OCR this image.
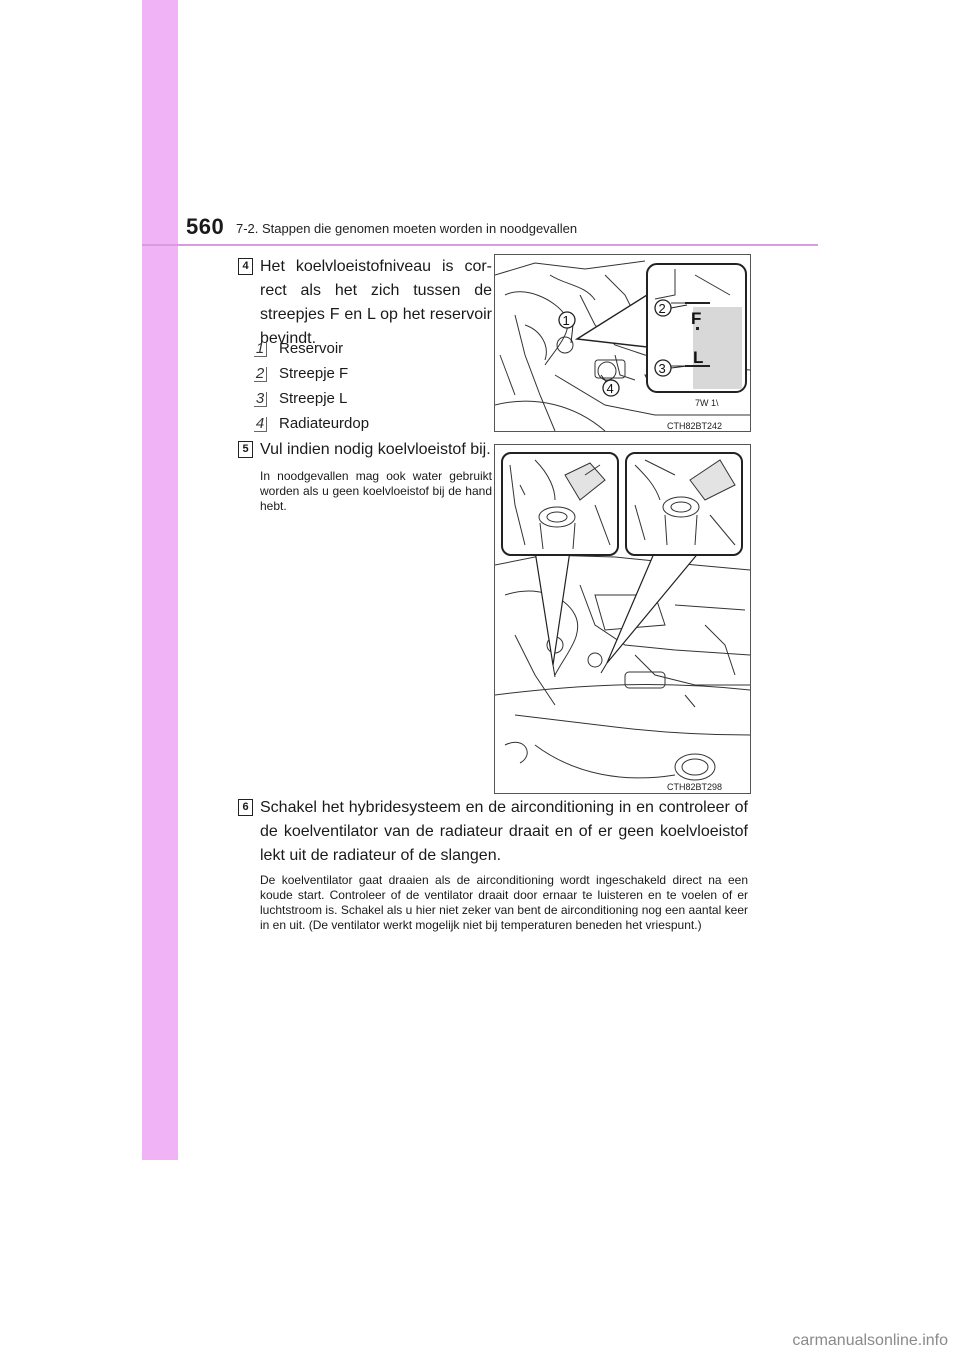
560 7-2. Stappen die genomen moeten worden in noodgevallen
4 Het koelvloeistofniveau is correct als het zich tussen de streepjes F en L op het reservoir bevindt.
1 Reservoir
2 Streepje F
3 Streepje L
4 Radiateurdop
F
L
2
3
1
4
7W 1\
CTH82BT242
5 Vul indien nodig koelvloeistof bij.
In noodgevallen mag ook water gebruikt worden als u geen koelvloeistof bij de hand hebt.
CTH82BT298
6 Schakel het hybridesysteem en de airconditioning in en controleer of de koelventilator van de radiateur draait en of er geen koelvloeistof lekt uit de radiateur of de slangen.
De koelventilator gaat draaien als de airconditioning wordt ingeschakeld direct na een koude start. Controleer of de ventilator draait door ernaar te luisteren en te voelen of er luchtstroom is. Schakel als u hier niet zeker van bent de airconditioning nog een aantal keer in en uit. (De ventilator werkt mogelijk niet bij temperaturen beneden het vriespunt.)
carmanualsonline.info
